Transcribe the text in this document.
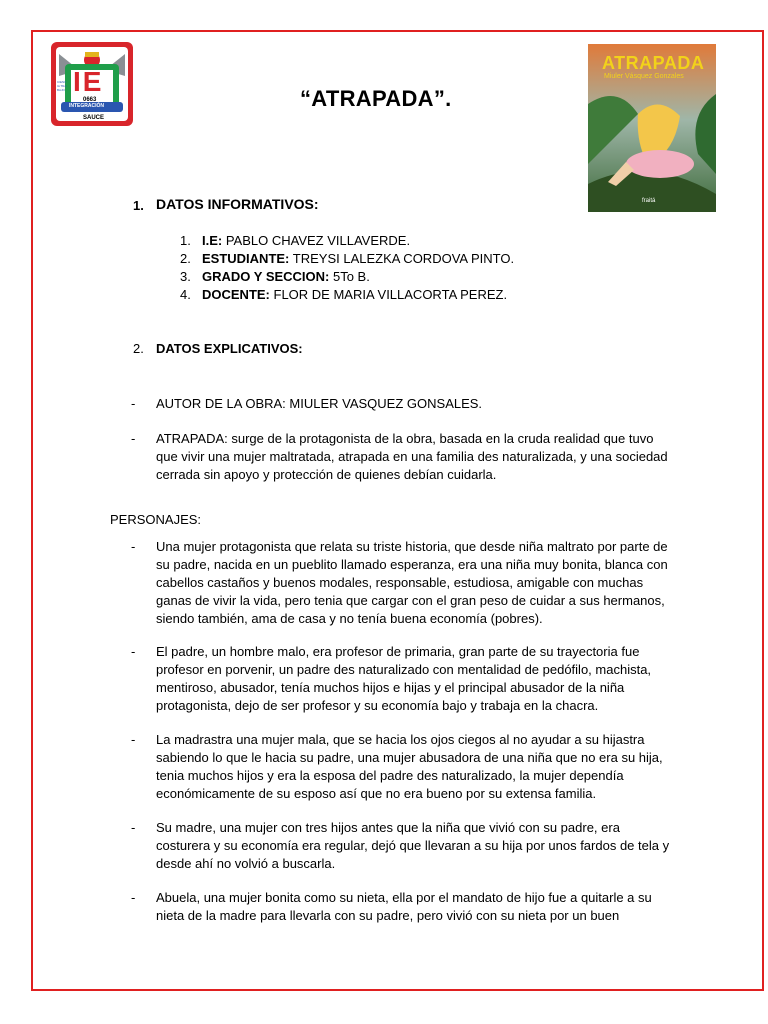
IE
0663
INTEGRACIÓN
SAUCE
CIENCIA TRABAJO	“ATRAPADA”.
ATRAPADA
Miuler Vásquez Gonzales
fraitá
1. DATOS INFORMATIVOS:
1. I.E: PABLO CHAVEZ VILLAVERDE.
2. ESTUDIANTE: TREYSI LALEZKA CORDOVA PINTO.
3. GRADO Y SECCION: 5To B.
4. DOCENTE: FLOR DE MARIA VILLACORTA PEREZ.
2. DATOS EXPLICATIVOS:
- AUTOR DE LA OBRA: MIULER VASQUEZ GONSALES.
- ATRAPADA: surge de la protagonista de la obra, basada en la cruda realidad que tuvo que vivir una mujer maltratada, atrapada en una familia des naturalizada, y una sociedad cerrada sin apoyo y protección de quienes debían cuidarla.
PERSONAJES:
- Una mujer protagonista que relata su triste historia, que desde niña maltrato por parte de su padre, nacida en un pueblito llamado esperanza, era una niña muy bonita, blanca con cabellos castaños y buenos modales, responsable, estudiosa, amigable con muchas ganas de vivir la vida, pero tenia que cargar con el gran peso de cuidar a sus hermanos, siendo también, ama de casa y no tenía buena economía (pobres).
- El padre, un hombre malo, era profesor de primaria, gran parte de su trayectoria fue profesor en porvenir, un padre des naturalizado con mentalidad de pedófilo, machista, mentiroso, abusador, tenía muchos hijos e hijas y el principal abusador de la niña protagonista, dejo de ser profesor y su economía bajo y trabaja en la chacra.
- La madrastra una mujer mala, que se hacia los ojos ciegos al no ayudar a su hijastra sabiendo lo que le hacia su padre, una mujer abusadora de una niña que no era su hija, tenia muchos hijos y era la esposa del padre des naturalizado, la mujer dependía económicamente de su esposo así que no era bueno por su extensa familia.
- Su madre, una mujer con tres hijos antes que la niña que vivió con su padre, era costurera y su economía era regular, dejó que llevaran a su hija por unos fardos de tela y desde ahí no volvió a buscarla.
- Abuela, una mujer bonita como su nieta, ella por el mandato de hijo fue a quitarle a su nieta de la madre para llevarla con su padre, pero vivió con su nieta por un buen
